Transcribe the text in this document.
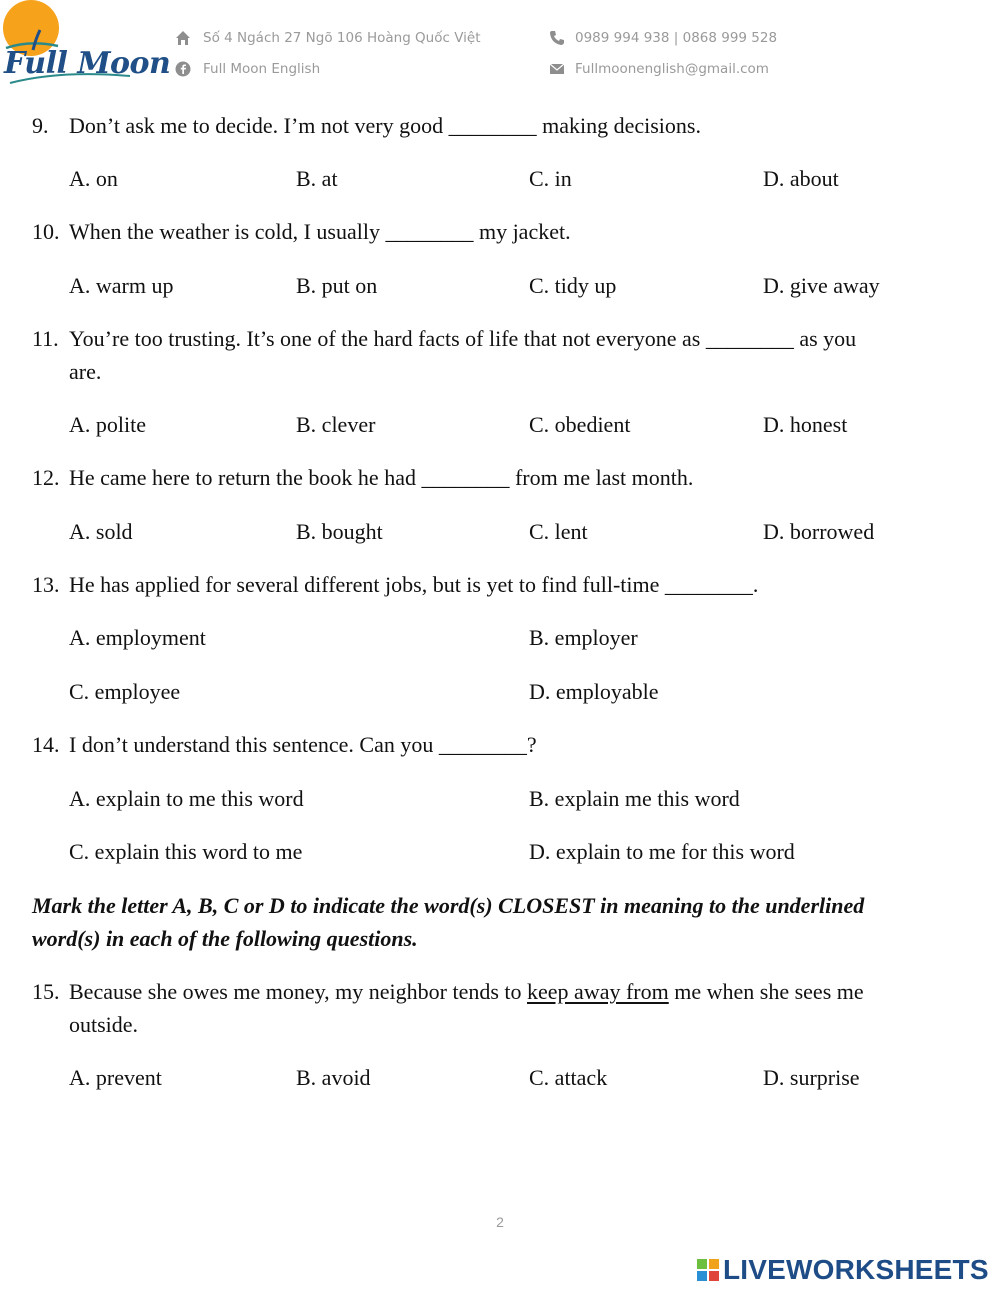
Full Moon
Số 4 Ngách 27 Ngõ 106 Hoàng Quốc Việt	0989 994 938 | 0868 999 528
Full Moon English	Fullmoonenglish@gmail.com
9. Don’t ask me to decide. I’m not very good ________ making decisions.
A. on	B. at	C. in	D. about
10. When the weather is cold, I usually ________ my jacket.
A. warm up	B. put on	C. tidy up	D. give away
11. You’re too trusting. It’s one of the hard facts of life that not everyone as ________ as you
are.
A. polite	B. clever	C. obedient	D. honest
12. He came here to return the book he had ________ from me last month.
A. sold	B. bought	C. lent	D. borrowed
13. He has applied for several different jobs, but is yet to find full-time ________.
A. employment	B. employer
C. employee	D. employable
14. I don’t understand this sentence. Can you ________?
A. explain to me this word	B. explain me this word
C. explain this word to me	D. explain to me for this word
Mark the letter A, B, C or D to indicate the word(s) CLOSEST in meaning to the underlined
word(s) in each of the following questions.
15. Because she owes me money, my neighbor tends to keep away from me when she sees me
outside.
A. prevent	B. avoid	C. attack	D. surprise
2
LIVEWORKSHEETS
